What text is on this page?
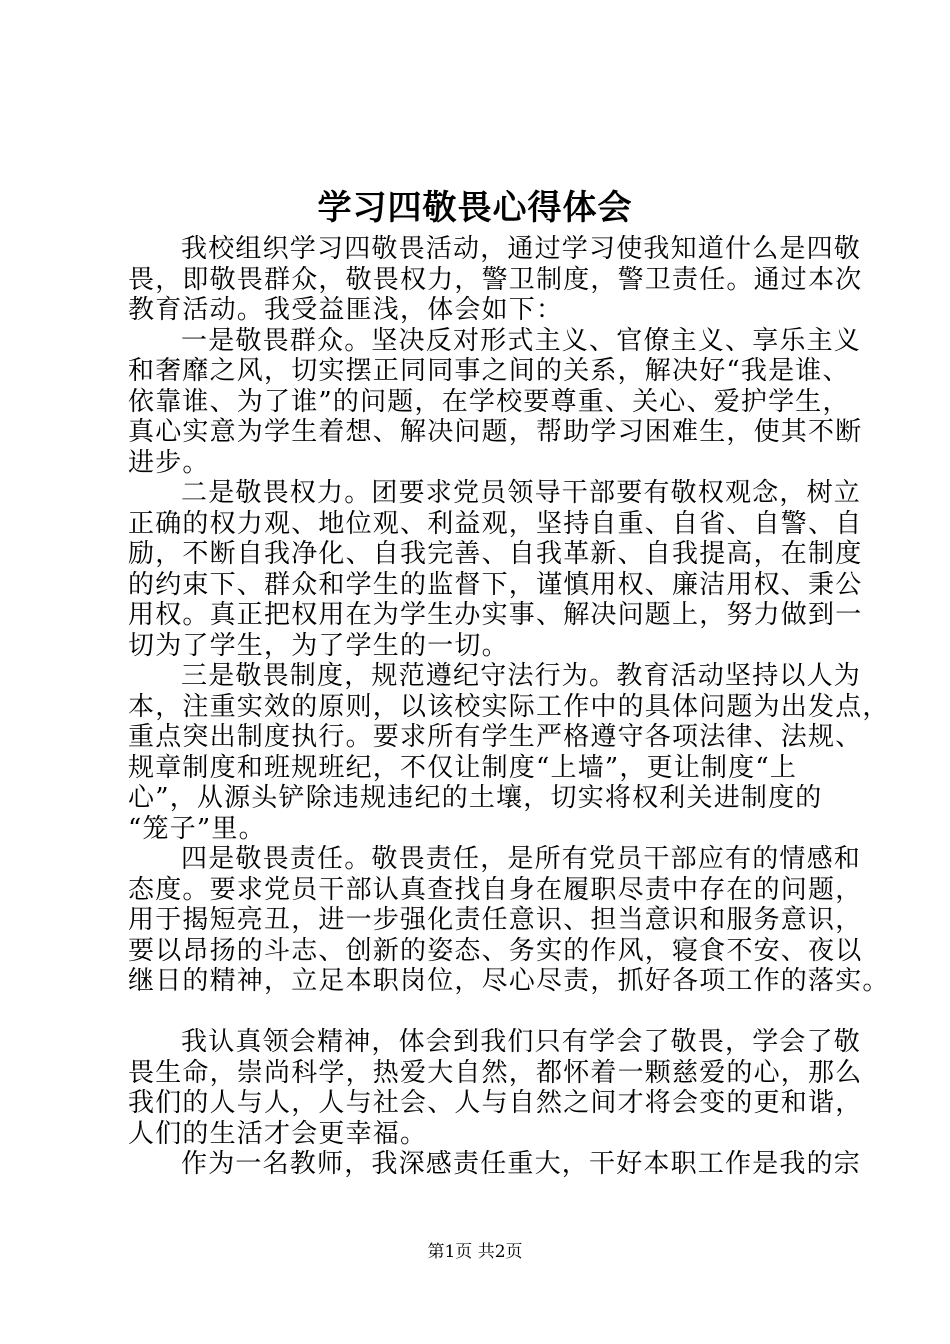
学习四敬畏心得体会
我校组织学习四敬畏活动，通过学习使我知道什么是四敬
畏，即敬畏群众，敬畏权力，警卫制度，警卫责任。通过本次
教育活动。我受益匪浅，体会如下：
一是敬畏群众。坚决反对形式主义、官僚主义、享乐主义
和奢靡之风，切实摆正同同事之间的关系，解决好“我是谁、
依靠谁、为了谁”的问题，在学校要尊重、关心、爱护学生，
真心实意为学生着想、解决问题，帮助学习困难生，使其不断
进步。
二是敬畏权力。团要求党员领导干部要有敬权观念，树立
正确的权力观、地位观、利益观，坚持自重、自省、自警、自
励，不断自我净化、自我完善、自我革新、自我提高，在制度
的约束下、群众和学生的监督下，谨慎用权、廉洁用权、秉公
用权。真正把权用在为学生办实事、解决问题上，努力做到一
切为了学生，为了学生的一切。
三是敬畏制度，规范遵纪守法行为。教育活动坚持以人为
本，注重实效的原则，以该校实际工作中的具体问题为出发点，
重点突出制度执行。要求所有学生严格遵守各项法律、法规、
规章制度和班规班纪，不仅让制度“上墙”，更让制度“上
心”，从源头铲除违规违纪的土壤，切实将权利关进制度的
“笼子”里。
四是敬畏责任。敬畏责任，是所有党员干部应有的情感和
态度。要求党员干部认真查找自身在履职尽责中存在的问题，
用于揭短亮丑，进一步强化责任意识、担当意识和服务意识，
要以昂扬的斗志、创新的姿态、务实的作风，寝食不安、夜以
继日的精神，立足本职岗位，尽心尽责，抓好各项工作的落实。
我认真领会精神，体会到我们只有学会了敬畏，学会了敬
畏生命，崇尚科学，热爱大自然，都怀着一颗慈爱的心，那么
我们的人与人，人与社会、人与自然之间才将会变的更和谐，
人们的生活才会更幸福。
作为一名教师，我深感责任重大，干好本职工作是我的宗
第1页 共2页
